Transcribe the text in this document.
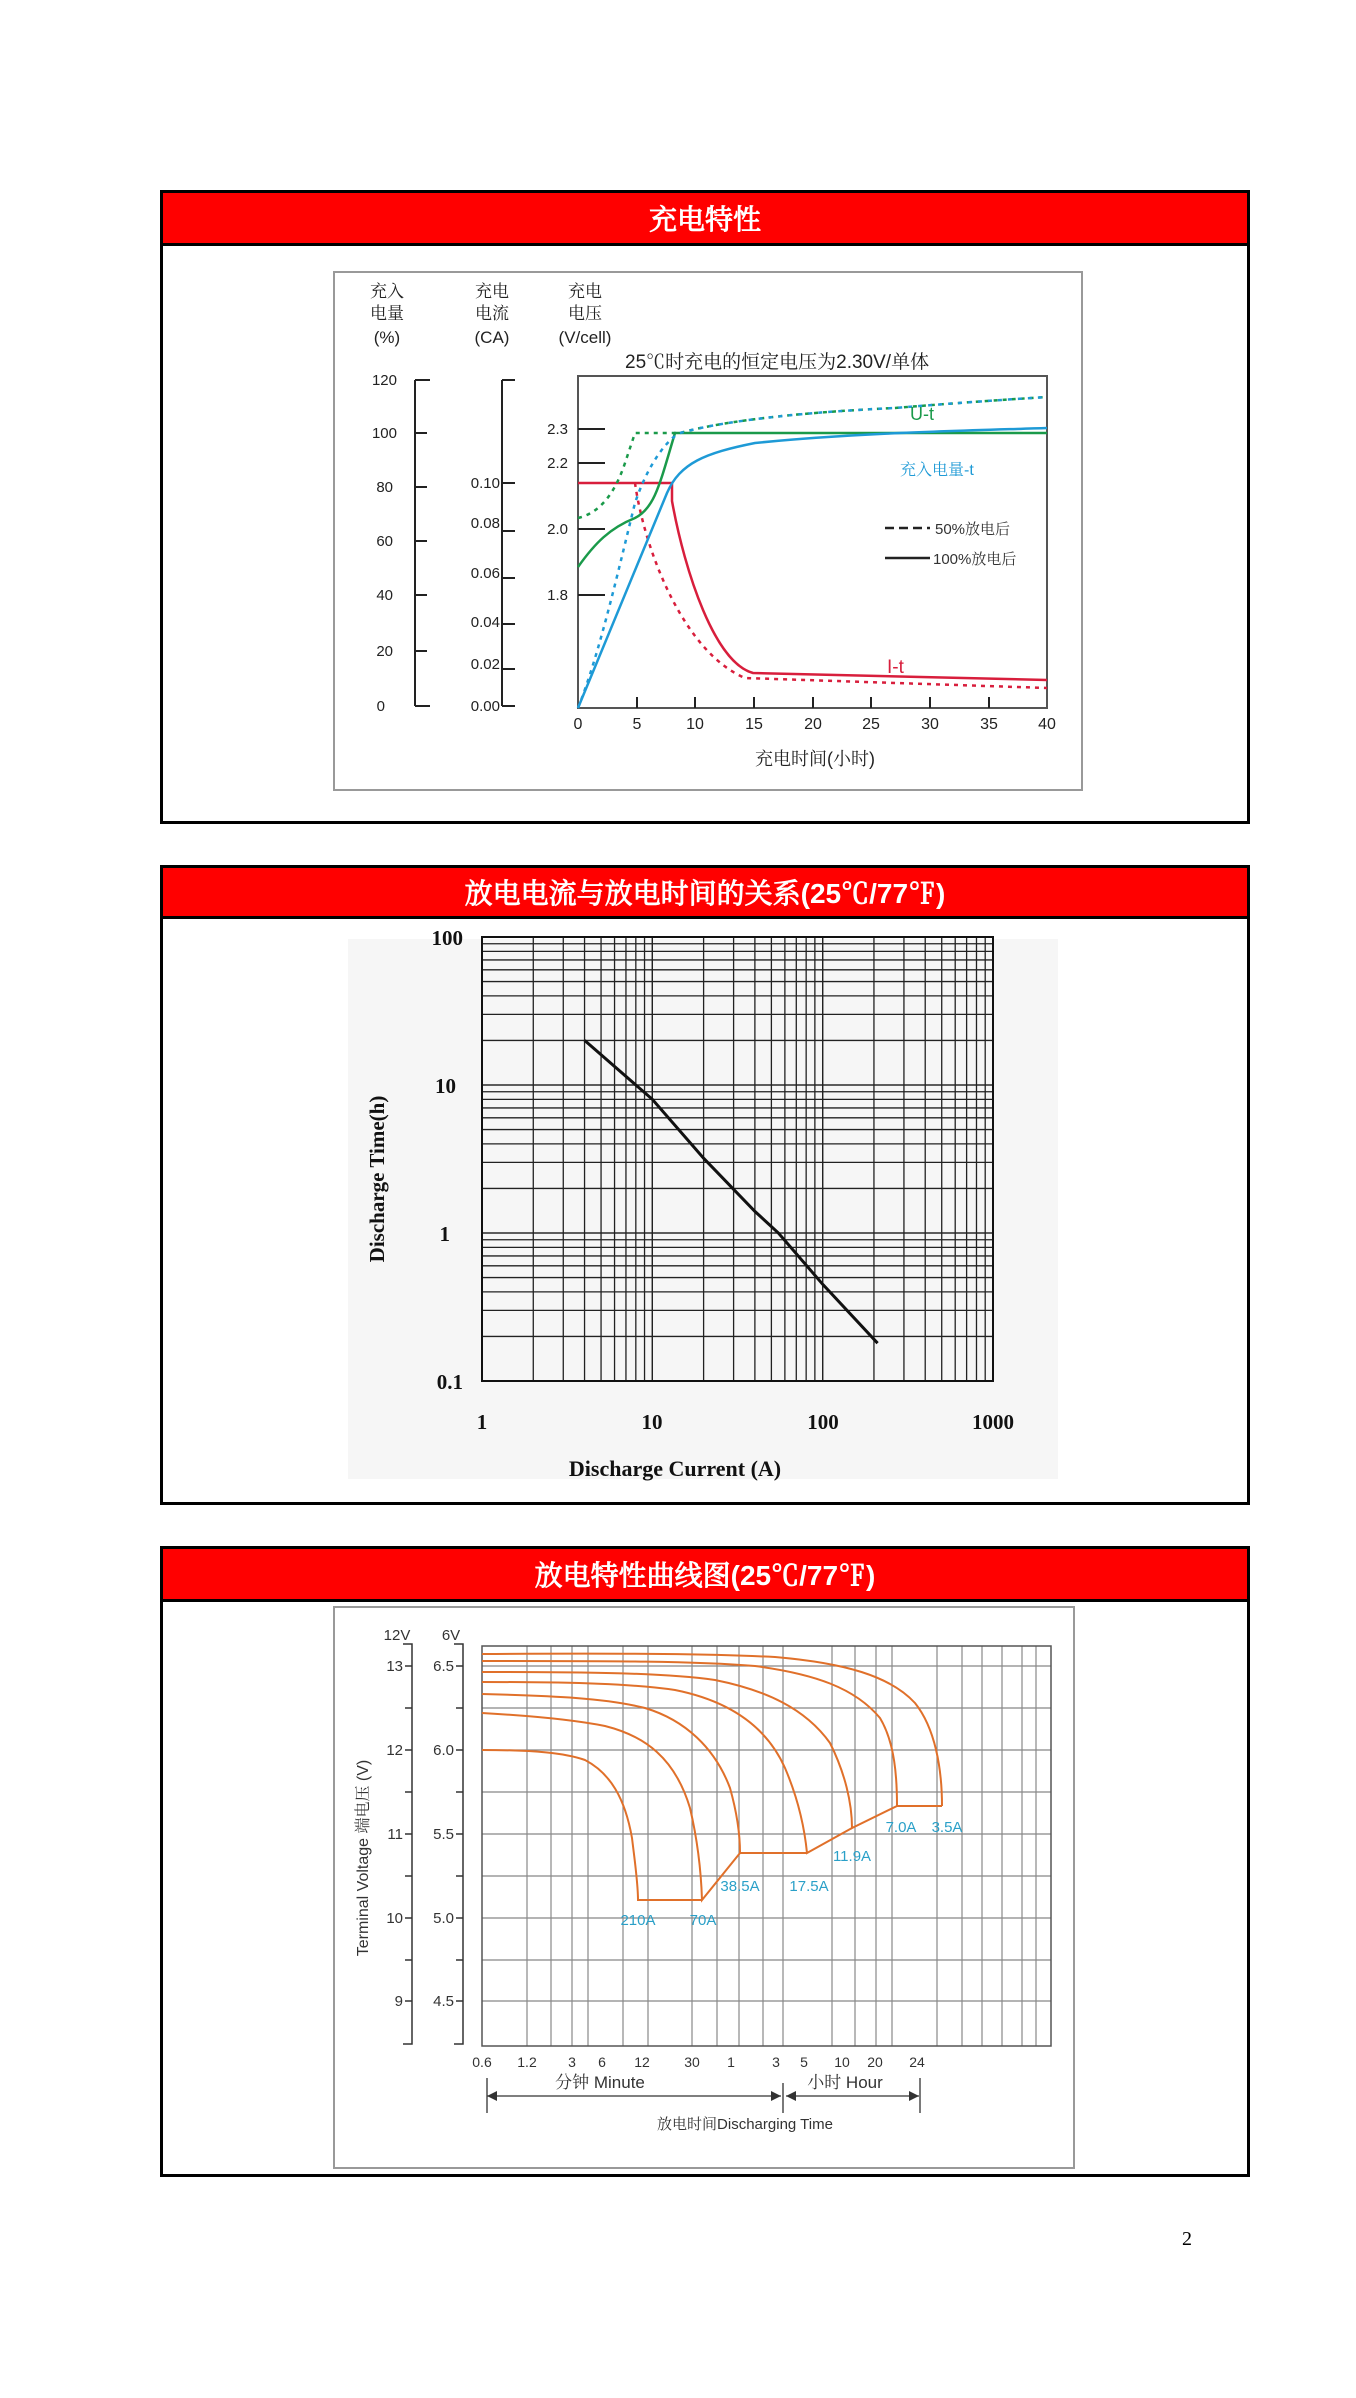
充电特性
充入
电量
(%)
充电
电流
(CA)
充电
电压
(V/cell)
25℃时充电的恒定电压为2.30V/单体
120
100
80
60
40
20
0
0.10
0.08
0.06
0.04
0.02
0.00
2.3
2.2
2.0
1.8
0	5	10	15	20	25	30	35	40
充电时间(小时)
U-t
充入电量-t
I-t
50%放电后
100%放电后
放电电流与放电时间的关系(25℃/77℉)
100
10
1
0.1
1	10	100	1000
Discharge Time(h)
Discharge Current (A)
放电特性曲线图(25℃/77℉)
12V 6V
13
12
11
10
9
6.5
6.0
5.5
5.0
4.5
Terminal Voltage 端电压 (V)	210A 70A
38.5A 17.5A
11.9A
7.0A 3.5A
0.6 1.2 3 6 12 30 1	3 5 10 20 24
分钟 Minute	小时 Hour
放电时间Discharging Time
2
